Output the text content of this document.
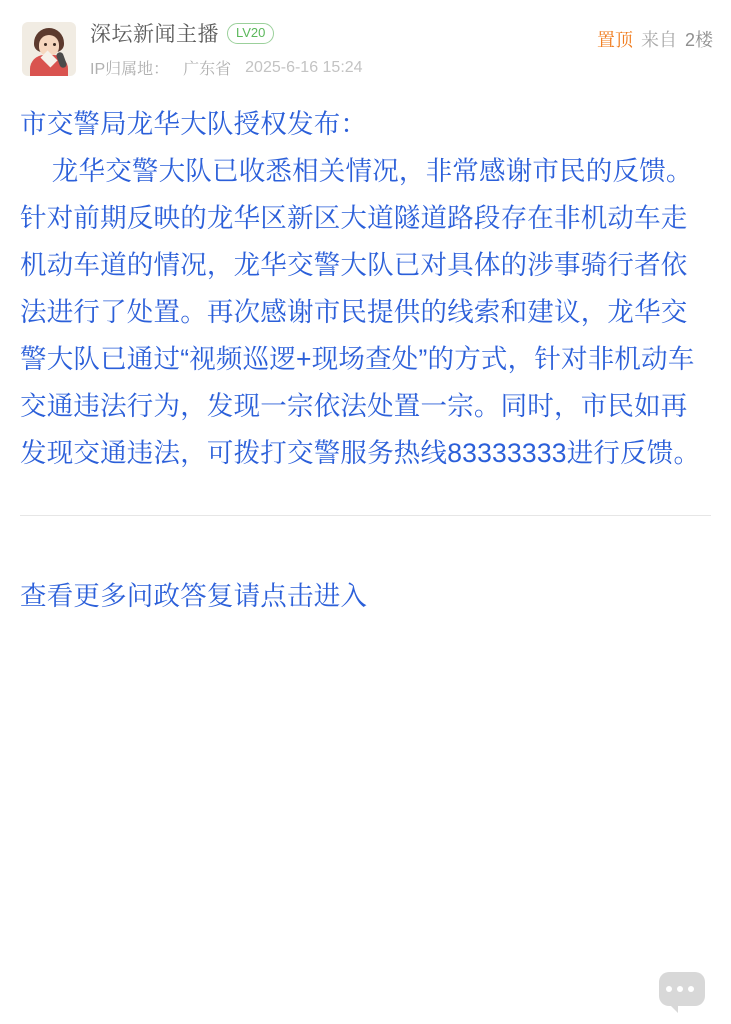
深坛新闻主播	LV20
IP归属地： 广东省 2025-6-16 15:24
置顶 来自 2楼

市交警局龙华大队授权发布：

龙华交警大队已收悉相关情况，非常感谢市民的反馈。针对前期反映的龙华区新区大道隧道路段存在非机动车走机动车道的情况，龙华交警大队已对具体的涉事骑行者依法进行了处置。再次感谢市民提供的线索和建议，龙华交警大队已通过“视频巡逻+现场查处”的方式，针对非机动车交通违法行为，发现一宗依法处置一宗。同时，市民如再发现交通违法，可拨打交警服务热线83333333进行反馈。

查看更多问政答复请点击进入
